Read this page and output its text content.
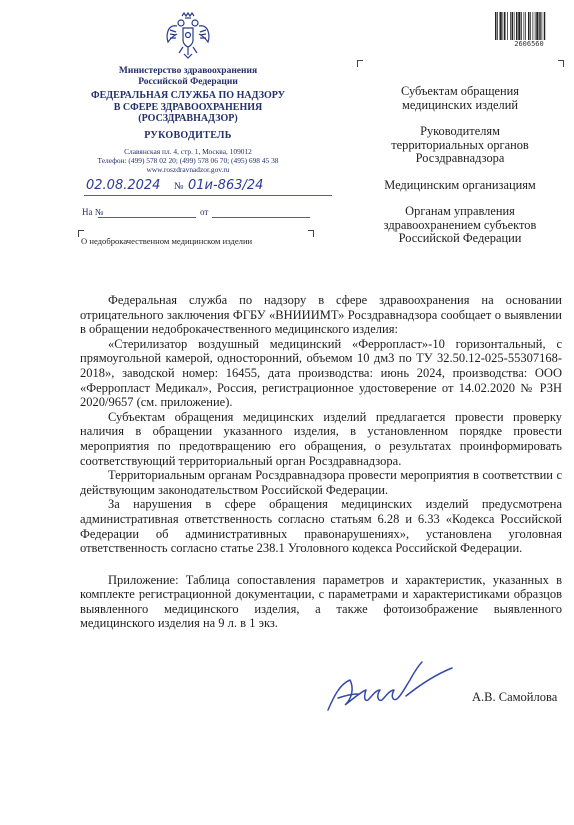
Министерство здравоохранения
Российской Федерации
ФЕДЕРАЛЬНАЯ СЛУЖБА ПО НАДЗОРУ
В СФЕРЕ ЗДРАВООХРАНЕНИЯ
(РОСЗДРАВНАДЗОР)
РУКОВОДИТЕЛЬ
Славянская пл. 4, стр. 1, Москва, 109012
Телефон: (499) 578 02 20; (499) 578 06 70; (495) 698 45 38
www.roszdravnadzor.gov.ru
02.08.2024 № 01и-863/24
На №	от
О недоброкачественном медицинском изделии
2606560
Субъектам обращения
медицинских изделий
Руководителям
территориальных органов
Росздравнадзора
Медицинским организациям
Органам управления
здравоохранением субъектов
Российской Федерации

Федеральная служба по надзору в сфере здравоохранения на основании отрицательного заключения ФГБУ «ВНИИИМТ» Росздравнадзора сообщает о выявлении в обращении недоброкачественного медицинского изделия:

«Стерилизатор воздушный медицинский «Ферропласт»-10 горизонтальный, с прямоугольной камерой, односторонний, объемом 10 дм3 по ТУ 32.50.12-025-55307168-2018», заводской номер: 16455, дата производства: июнь 2024, производства: ООО «Ферропласт Медикал», Россия, регистрационное удостоверение от 14.02.2020 № РЗН 2020/9657 (см. приложение).

Субъектам обращения медицинских изделий предлагается провести проверку наличия в обращении указанного изделия, в установленном порядке провести мероприятия по предотвращению его обращения, о результатах проинформировать соответствующий территориальный орган Росздравнадзора.

Территориальным органам Росздравнадзора провести мероприятия в соответствии с действующим законодательством Российской Федерации.

За нарушения в сфере обращения медицинских изделий предусмотрена административная ответственность согласно статьям 6.28 и 6.33 «Кодекса Российской Федерации об административных правонарушениях», установлена уголовная ответственность согласно статье 238.1 Уголовного кодекса Российской Федерации.

Приложение: Таблица сопоставления параметров и характеристик, указанных в комплекте регистрационной документации, с параметрами и характеристиками образцов выявленного медицинского изделия, а также фотоизображение выявленного медицинского изделия на 9 л. в 1 экз.

А.В. Самойлова
